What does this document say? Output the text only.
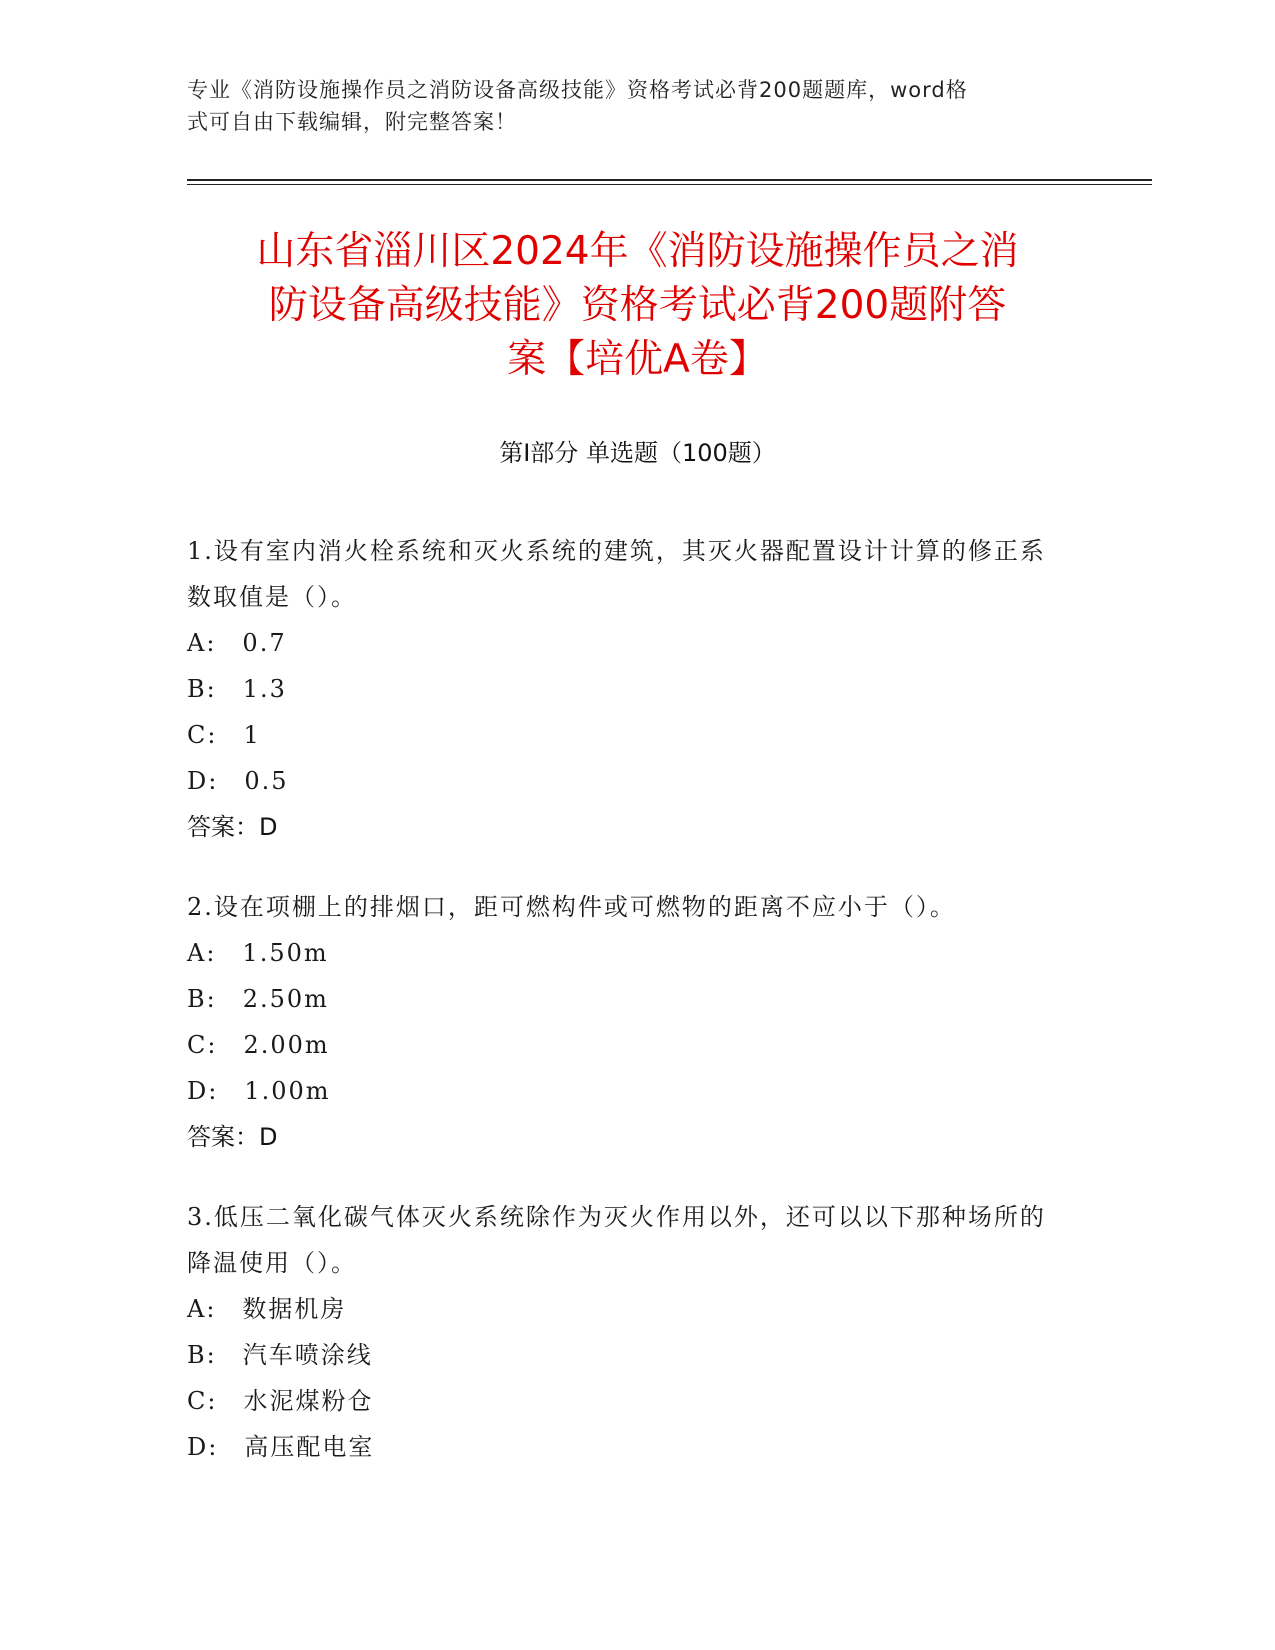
专业《消防设施操作员之消防设备高级技能》资格考试必背200题题库，word格
式可自由下载编辑，附完整答案！
山东省淄川区2024年《消防设施操作员之消
防设备高级技能》资格考试必背200题附答
案【培优A卷】
第Ⅰ部分 单选题（100题）

1.设有室内消火栓系统和灭火系统的建筑，其灭火器配置设计计算的修正系数取值是（）。

A: 0.7

B: 1.3

C: 1

D: 0.5

答案：D

2.设在项棚上的排烟口，距可燃构件或可燃物的距离不应小于（）。

A: 1.50m

B: 2.50m

C: 2.00m

D: 1.00m

答案：D

3.低压二氧化碳气体灭火系统除作为灭火作用以外，还可以以下那种场所的降温使用（）。

A: 数据机房

B: 汽车喷涂线

C: 水泥煤粉仓

D: 高压配电室
